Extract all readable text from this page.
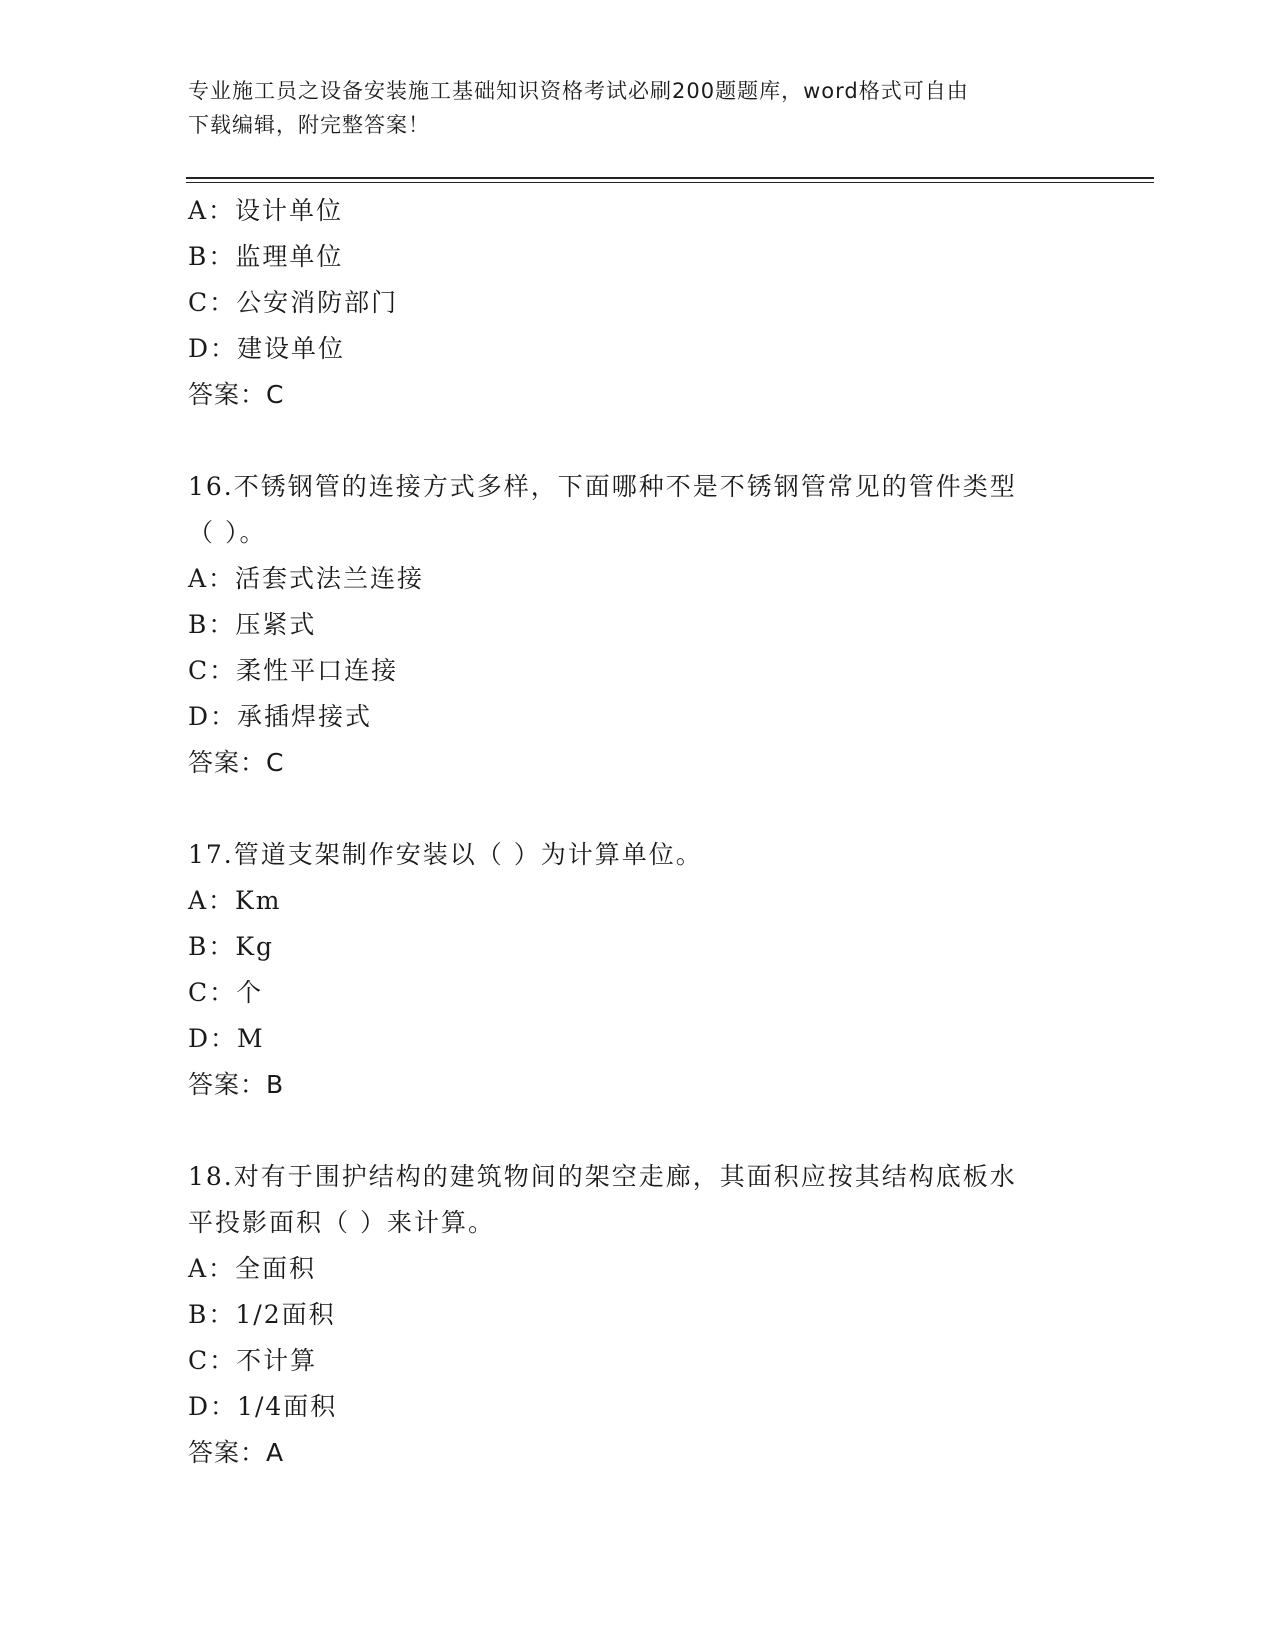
专业施工员之设备安装施工基础知识资格考试必刷200题题库，word格式可自由

下载编辑，附完整答案！

A：设计单位
B：监理单位
C：公安消防部门
D：建设单位
答案：C
16.不锈钢管的连接方式多样，下面哪种不是不锈钢管常见的管件类型
（ ）。
A：活套式法兰连接
B：压紧式
C：柔性平口连接
D：承插焊接式
答案：C
17.管道支架制作安装以（ ）为计算单位。
A：Km
B：Kg
C：个
D：M
答案：B
18.对有于围护结构的建筑物间的架空走廊，其面积应按其结构底板水
平投影面积（ ）来计算。
A：全面积
B：1/2面积
C：不计算
D：1/4面积
答案：A
